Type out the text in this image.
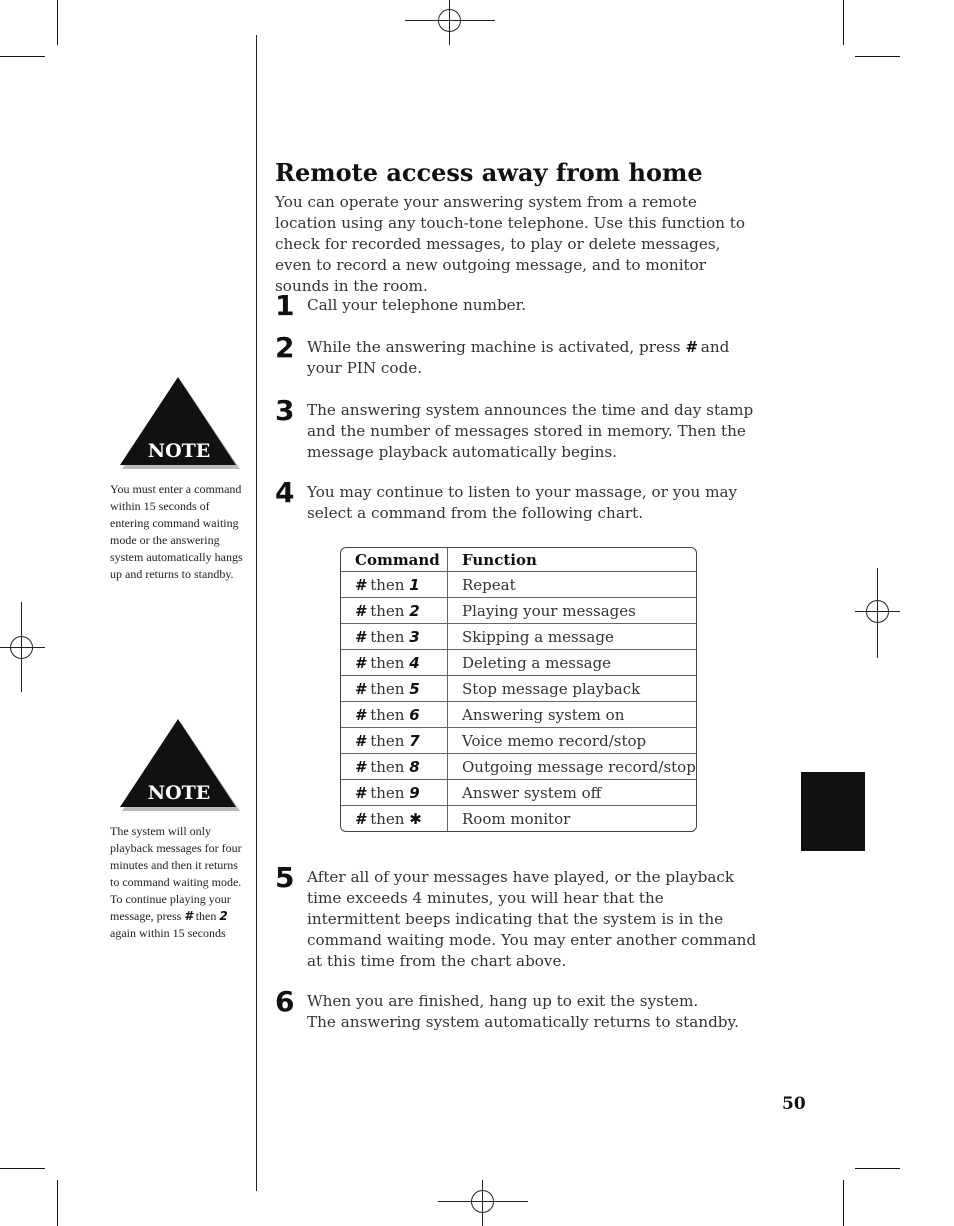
Remote access away from home
You can operate your answering system from a remote location using any touch-tone telephone. Use this function to check for recorded messages, to play or delete messages, even to record a new outgoing message, and to monitor sounds in the room.
1 Call your telephone number.
2 While the answering machine is activated, press # and your PIN code.
3 The answering system announces the time and day stamp and the number of messages stored in memory. Then the message playback automatically begins.
4 You may continue to listen to your massage, or you may select a command from the following chart.
Command	Function
# then 1	Repeat
# then 2	Playing your messages
# then 3	Skipping a message
# then 4	Deleting a message
# then 5	Stop message playback
# then 6	Answering system on
# then 7	Voice memo record/stop
# then 8	Outgoing message record/stop
# then 9	Answer system off
# then ✱	Room monitor
5 After all of your messages have played, or the playback time exceeds 4 minutes, you will hear that the intermittent beeps indicating that the system is in the command waiting mode. You may enter another command at this time from the chart above.
6 When you are finished, hang up to exit the system.
The answering system automatically returns to standby.
NOTE
You must enter a command within 15 seconds of entering command waiting mode or the answering system automatically hangs up and returns to standby.
NOTE
The system will only playback messages for four minutes and then it returns to command waiting mode. To continue playing your message, press # then 2 again within 15 seconds
50
